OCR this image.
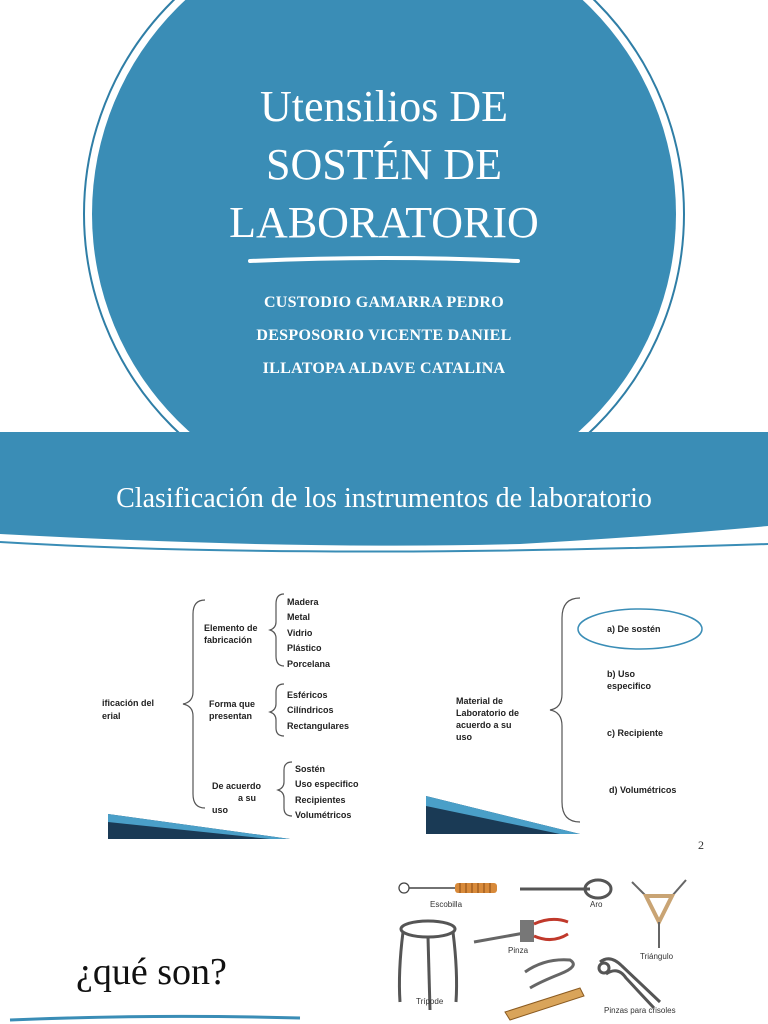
Utensilios DE
SOSTÉN DE
LABORATORIO
CUSTODIO GAMARRA PEDRO
DESPOSORIO VICENTE DANIEL
ILLATOPA ALDAVE CATALINA
Clasificación de los instrumentos de laboratorio
ificación del
erial
Elemento de
fabricación
Madera
Metal
Vidrio
Plástico
Porcelana
Forma que
presentan
Esféricos
Cilíndricos
Rectangulares
De acuerdo
a su
uso
Sostén
Uso especifico
Recipientes
Volumétricos
Material de
Laboratorio de
acuerdo a su
uso
a) De sostén
b) Uso
especifico
c) Recipiente
d) Volumétricos
2
¿qué son?
Escobilla	Aro
Triángulo
Pinza
Trípode
Pinzas para crisoles
